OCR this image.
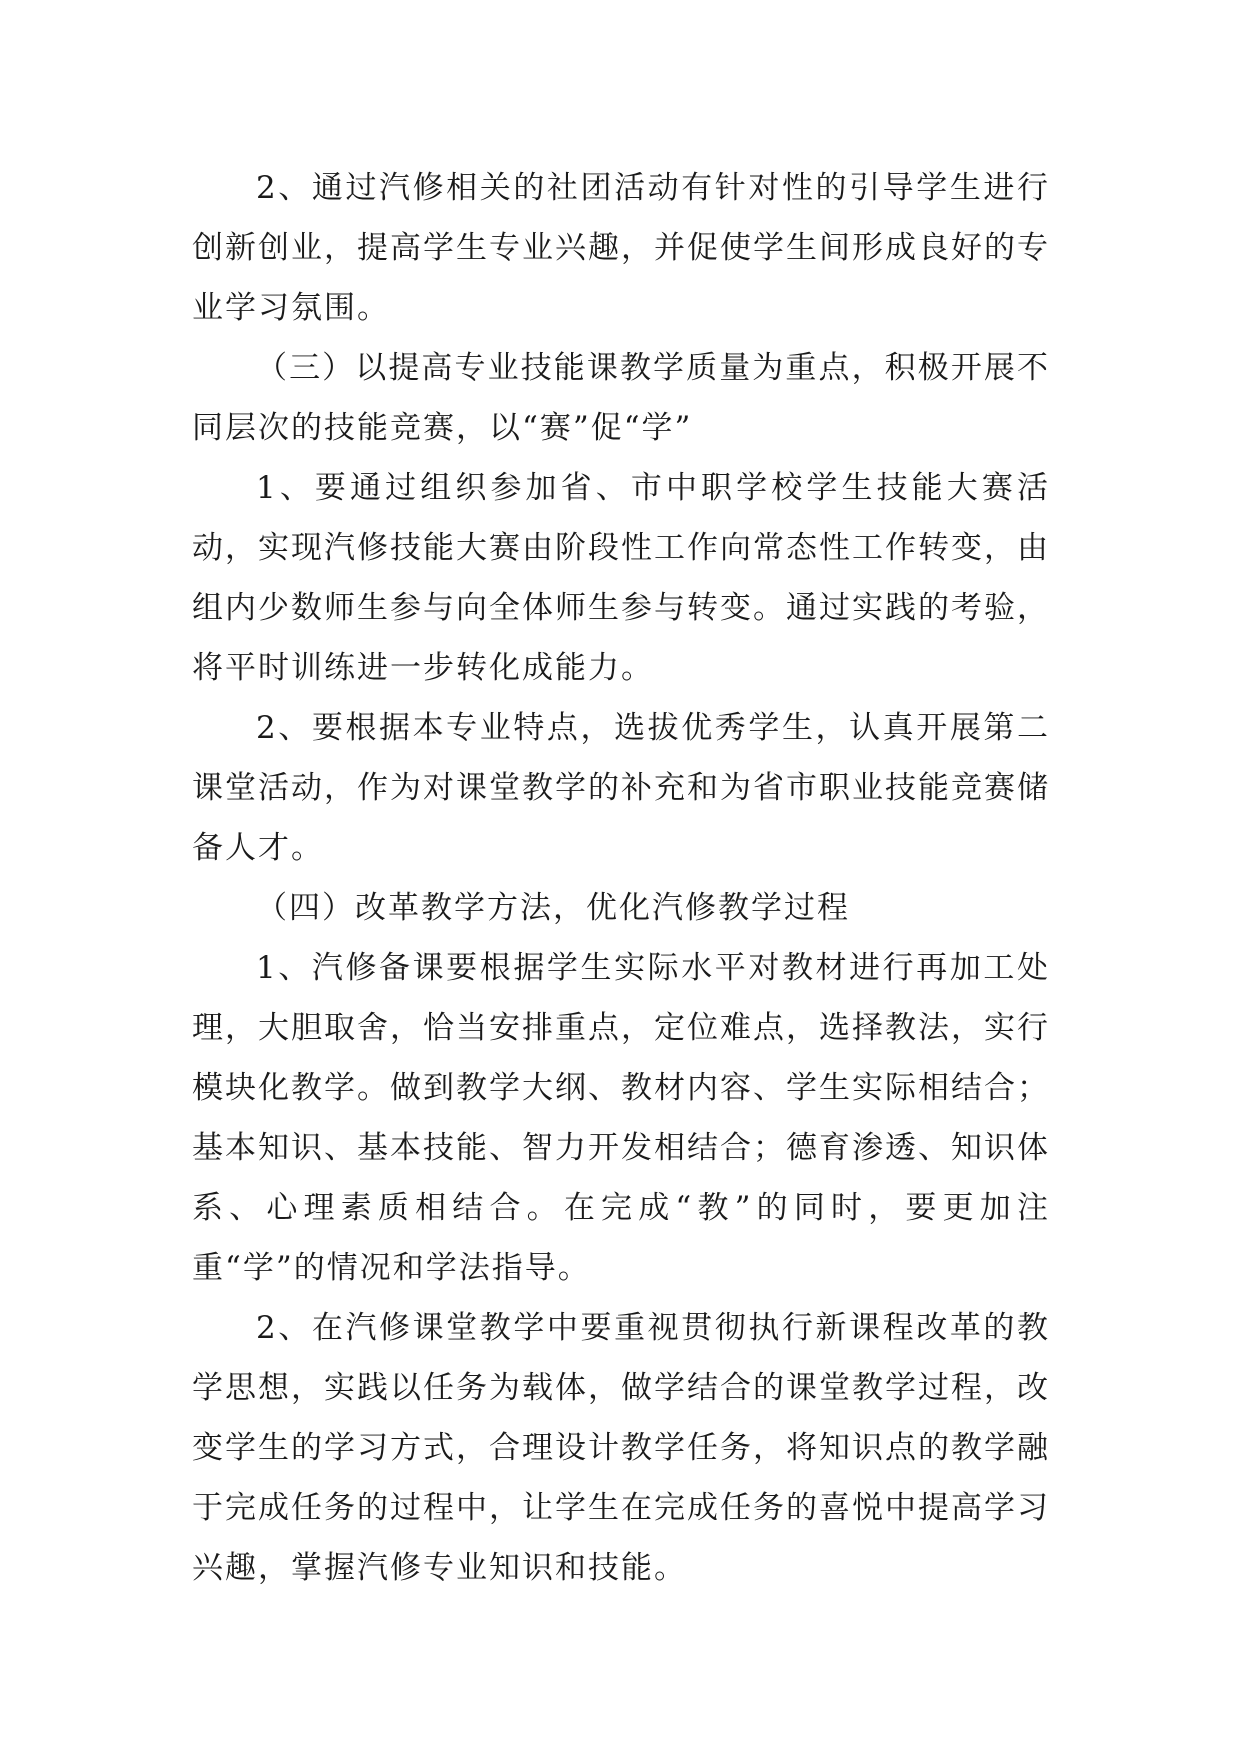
2、通过汽修相关的社团活动有针对性的引导学生进行创新创业，提高学生专业兴趣，并促使学生间形成良好的专业学习氛围。

（三）以提高专业技能课教学质量为重点，积极开展不同层次的技能竞赛，以“赛”促“学”

1、要通过组织参加省、市中职学校学生技能大赛活动，实现汽修技能大赛由阶段性工作向常态性工作转变，由组内少数师生参与向全体师生参与转变。通过实践的考验，将平时训练进一步转化成能力。

2、要根据本专业特点，选拔优秀学生，认真开展第二课堂活动，作为对课堂教学的补充和为省市职业技能竞赛储备人才。

（四）改革教学方法，优化汽修教学过程

1、汽修备课要根据学生实际水平对教材进行再加工处理，大胆取舍，恰当安排重点，定位难点，选择教法，实行模块化教学。做到教学大纲、教材内容、学生实际相结合；基本知识、基本技能、智力开发相结合；德育渗透、知识体系、心理素质相结合。在完成“教”的同时，要更加注重“学”的情况和学法指导。

2、在汽修课堂教学中要重视贯彻执行新课程改革的教学思想，实践以任务为载体，做学结合的课堂教学过程，改变学生的学习方式，合理设计教学任务，将知识点的教学融于完成任务的过程中，让学生在完成任务的喜悦中提高学习兴趣，掌握汽修专业知识和技能。
